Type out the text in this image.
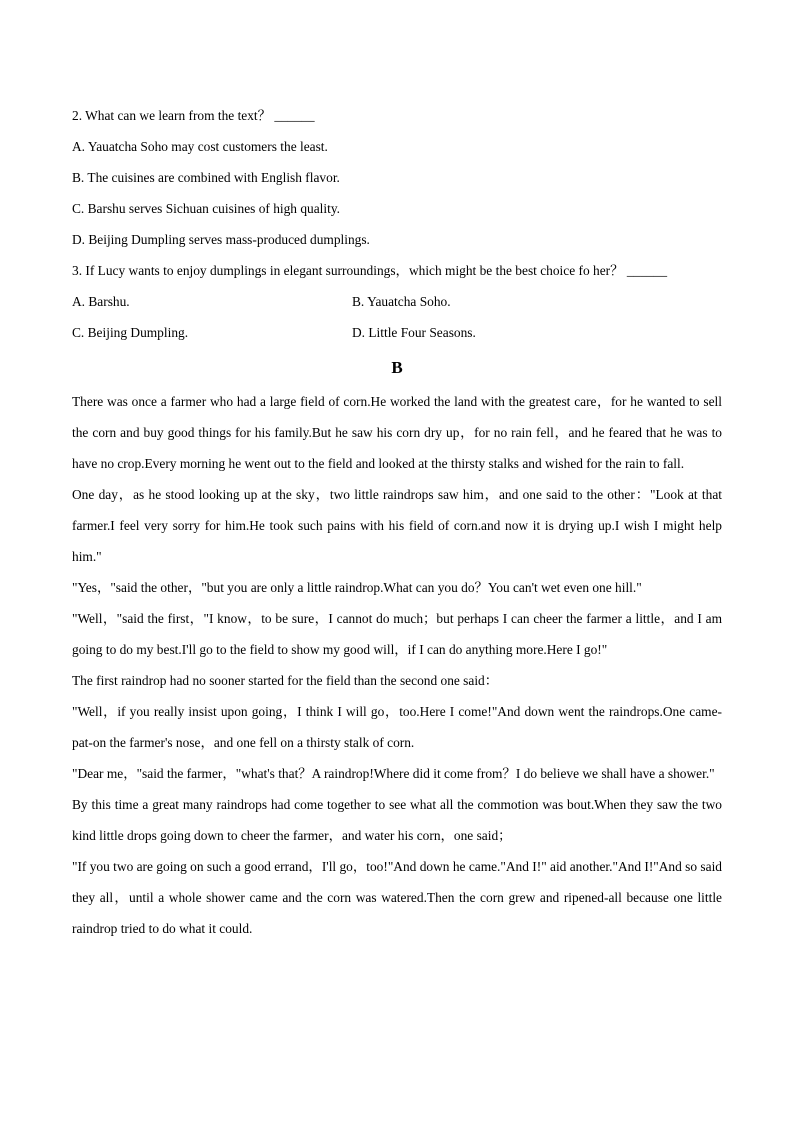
2. What can we learn from the text？ ______

A. Yauatcha Soho may cost customers the least.

B. The cuisines are combined with English flavor.

C. Barshu serves Sichuan cuisines of high quality.

D. Beijing Dumpling serves mass-produced dumplings.

3. If Lucy wants to enjoy dumplings in elegant surroundings，which might be the best choice fo her？ ______

A. Barshu.	B. Yauatcha Soho.

C. Beijing Dumpling.	D. Little Four Seasons.

B

There was once a farmer who had a large field of corn.He worked the land with the greatest care，for he wanted to sell the corn and buy good things for his family.But he saw his corn dry up，for no rain fell，and he feared that he was to have no crop.Every morning he went out to the field and looked at the thirsty stalks and wished for the rain to fall.

One day，as he stood looking up at the sky，two little raindrops saw him，and one said to the other："Look at that farmer.I feel very sorry for him.He took such pains with his field of corn.and now it is drying up.I wish I might help him."

"Yes，"said the other，"but you are only a little raindrop.What can you do？You can't wet even one hill."

"Well，"said the first，"I know，to be sure，I cannot do much；but perhaps I can cheer the farmer a little，and I am going to do my best.I'll go to the field to show my good will，if I can do anything more.Here I go!"

The first raindrop had no sooner started for the field than the second one said：

"Well，if you really insist upon going，I think I will go，too.Here I come!"And down went the raindrops.One came-pat-on the farmer's nose，and one fell on a thirsty stalk of corn.

"Dear me，"said the farmer，"what's that？A raindrop!Where did it come from？I do believe we shall have a shower."

By this time a great many raindrops had come together to see what all the commotion was bout.When they saw the two kind little drops going down to cheer the farmer，and water his corn，one said；

"If you two are going on such a good errand，I'll go，too!"And down he came."And I!" aid another."And I!"And so said they all，until a whole shower came and the corn was watered.Then the corn grew and ripened-all because one little raindrop tried to do what it could.
